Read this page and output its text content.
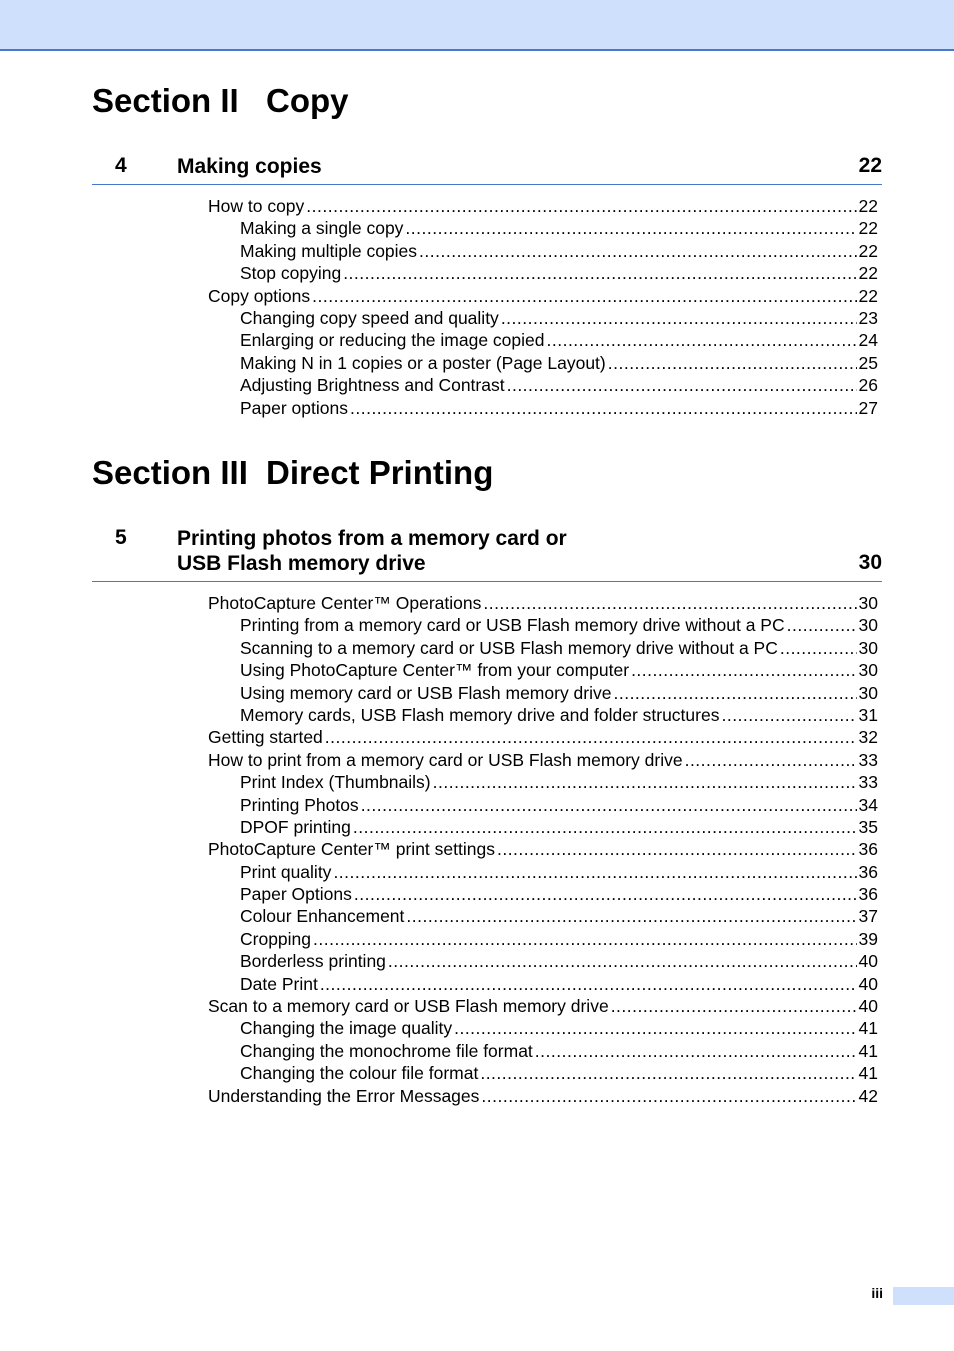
Section II Copy
4 Making copies	22
How to copy .....	22
Making a single copy .....	22
Making multiple copies .....	22
Stop copying .....	22
Copy options .....	22
Changing copy speed and quality .....	23
Enlarging or reducing the image copied .....	24
Making N in 1 copies or a poster (Page Layout) .....	25
Adjusting Brightness and Contrast .....	26
Paper options .....	27
Section III Direct Printing
5 Printing photos from a memory card or
USB Flash memory drive	30
PhotoCapture Center™ Operations .....	30
Printing from a memory card or USB Flash memory drive without a PC .....	30
Scanning to a memory card or USB Flash memory drive without a PC .....	30
Using PhotoCapture Center™ from your computer .....	30
Using memory card or USB Flash memory drive .....	30
Memory cards, USB Flash memory drive and folder structures .....	31
Getting started .....	32
How to print from a memory card or USB Flash memory drive .....	33
Print Index (Thumbnails) .....	33
Printing Photos .....	34
DPOF printing .....	35
PhotoCapture Center™ print settings .....	36
Print quality .....	36
Paper Options .....	36
Colour Enhancement .....	37
Cropping .....	39
Borderless printing .....	40
Date Print .....	40
Scan to a memory card or USB Flash memory drive .....	40
Changing the image quality .....	41
Changing the monochrome file format .....	41
Changing the colour file format .....	41
Understanding the Error Messages .....	42
iii
